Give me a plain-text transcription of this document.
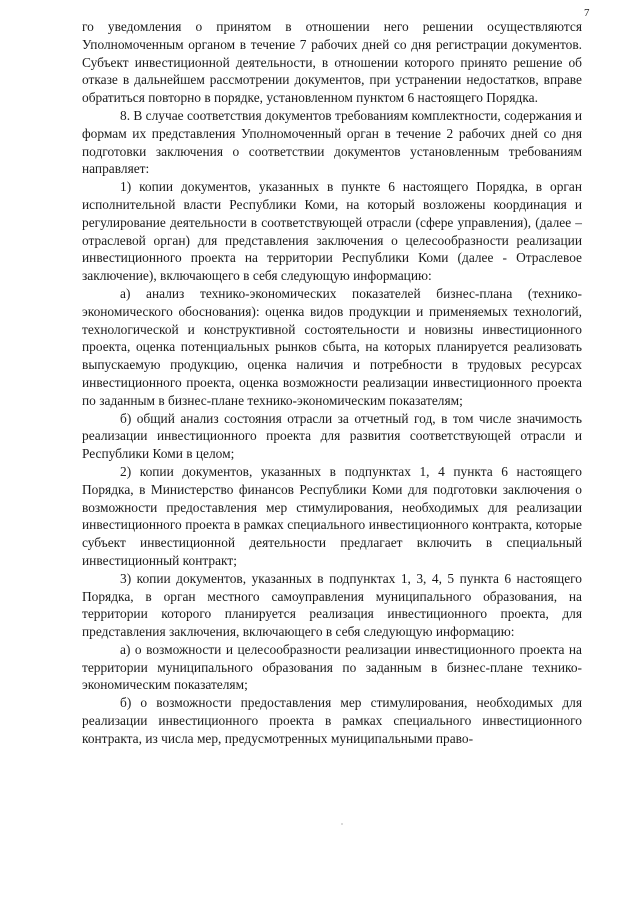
7

го уведомления о принятом в отношении него решении осуществляются Уполномоченным органом в течение 7 рабочих дней со дня регистрации документов. Субъект инвестиционной деятельности, в отношении которого принято решение об отказе в дальнейшем рассмотрении документов, при устранении недостатков, вправе обратиться повторно в порядке, установленном пунктом 6 настоящего Порядка.

8. В случае соответствия документов требованиям комплектности, содержания и формам их представления Уполномоченный орган в течение 2 рабочих дней со дня подготовки заключения о соответствии документов установленным требованиям направляет:

1) копии документов, указанных в пункте 6 настоящего Порядка, в орган исполнительной власти Республики Коми, на который возложены координация и регулирование деятельности в соответствующей отрасли (сфере управления), (далее – отраслевой орган) для представления заключения о целесообразности реализации инвестиционного проекта на территории Республики Коми (далее - Отраслевое заключение), включающего в себя следующую информацию:

а) анализ технико-экономических показателей бизнес-плана (технико-экономического обоснования): оценка видов продукции и применяемых технологий, технологической и конструктивной состоятельности и новизны инвестиционного проекта, оценка потенциальных рынков сбыта, на которых планируется реализовать выпускаемую продукцию, оценка наличия и потребности в трудовых ресурсах инвестиционного проекта, оценка возможности реализации инвестиционного проекта по заданным в бизнес-плане технико-экономическим показателям;

б) общий анализ состояния отрасли за отчетный год, в том числе значимость реализации инвестиционного проекта для развития соответствующей отрасли и Республики Коми в целом;

2) копии документов, указанных в подпунктах 1, 4 пункта 6 настоящего Порядка, в Министерство финансов Республики Коми для подготовки заключения о возможности предоставления мер стимулирования, необходимых для реализации инвестиционного проекта в рамках специального инвестиционного контракта, которые субъект инвестиционной деятельности предлагает включить в специальный инвестиционный контракт;

3) копии документов, указанных в подпунктах 1, 3, 4, 5 пункта 6 настоящего Порядка, в орган местного самоуправления муниципального образования, на территории которого планируется реализация инвестиционного проекта, для представления заключения, включающего в себя следующую информацию:

а) о возможности и целесообразности реализации инвестиционного проекта на территории муниципального образования по заданным в бизнес-плане технико-экономическим показателям;

б) о возможности предоставления мер стимулирования, необходимых для реализации инвестиционного проекта в рамках специального инвестиционного контракта, из числа мер, предусмотренных муниципальными право-
